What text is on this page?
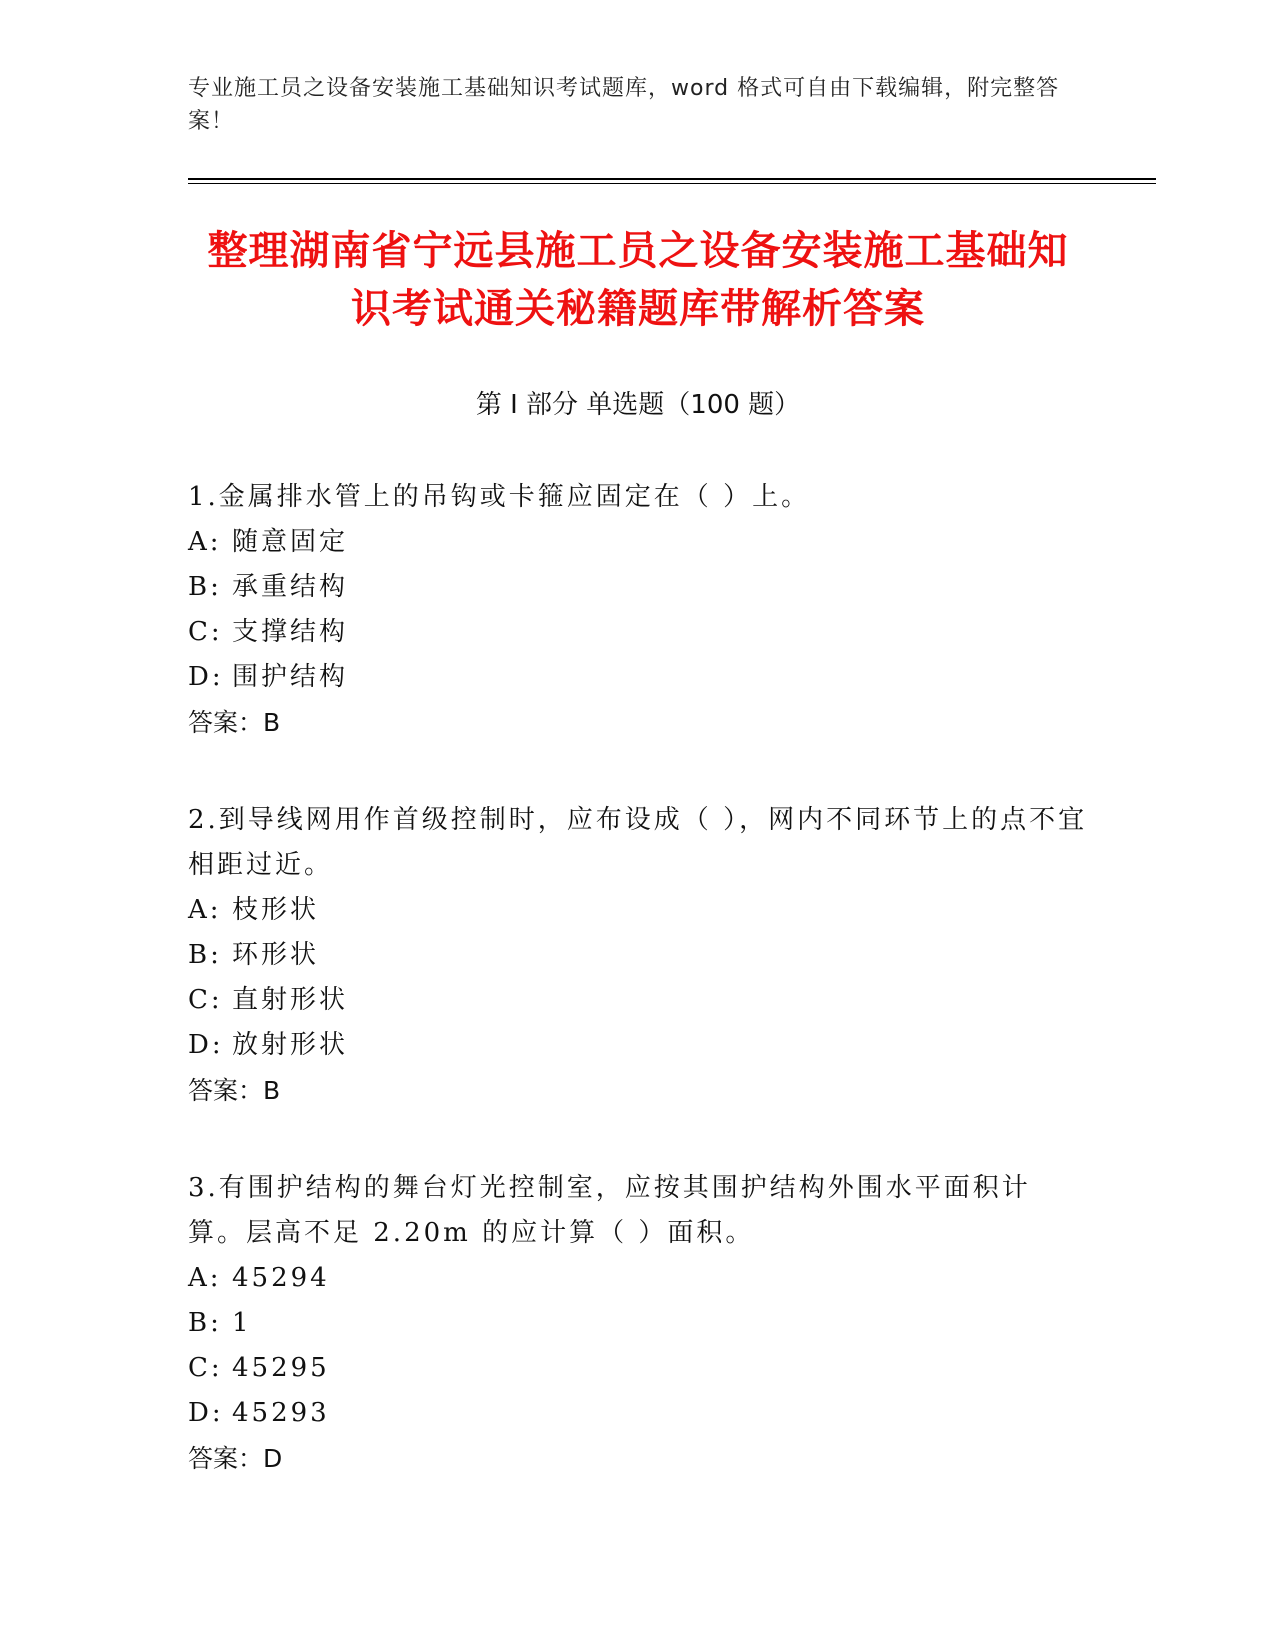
专业施工员之设备安装施工基础知识考试题库，word 格式可自由下载编辑，附完整答案！
整理湖南省宁远县施工员之设备安装施工基础知识考试通关秘籍题库带解析答案
第 I 部分 单选题（100 题）

1.金属排水管上的吊钩或卡箍应固定在（ ）上。

A: 随意固定

B: 承重结构

C: 支撑结构

D: 围护结构

答案：B

2.到导线网用作首级控制时，应布设成（ ），网内不同环节上的点不宜相距过近。

A: 枝形状

B: 环形状

C: 直射形状

D: 放射形状

答案：B

3.有围护结构的舞台灯光控制室，应按其围护结构外围水平面积计算。层高不足 2.20m 的应计算（ ）面积。

A: 45294

B: 1

C: 45295

D: 45293

答案：D
